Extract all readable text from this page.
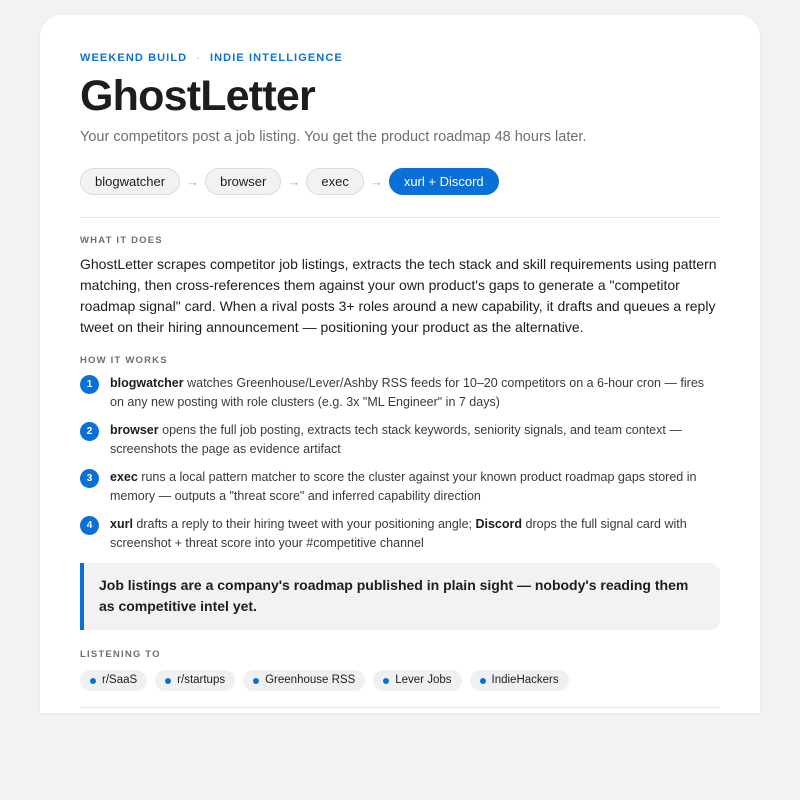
WEEKEND BUILD · INDIE INTELLIGENCE
GhostLetter
Your competitors post a job listing. You get the product roadmap 48 hours later.
blogwatcher	→	browser	→	exec	→	xurl + Discord
WHAT IT DOES
GhostLetter scrapes competitor job listings, extracts the tech stack and skill requirements using pattern matching, then cross-references them against your own product's gaps to generate a "competitor roadmap signal" card. When a rival posts 3+ roles around a new capability, it drafts and queues a reply tweet on their hiring announcement — positioning your product as the alternative.
HOW IT WORKS
1	blogwatcher watches Greenhouse/Lever/Ashby RSS feeds for 10–20 competitors on a 6-hour cron — fires on any new posting with role clusters (e.g. 3x "ML Engineer" in 7 days)
2	browser opens the full job posting, extracts tech stack keywords, seniority signals, and team context — screenshots the page as evidence artifact
3	exec runs a local pattern matcher to score the cluster against your known product roadmap gaps stored in memory — outputs a "threat score" and inferred capability direction
4	xurl drafts a reply to their hiring tweet with your positioning angle; Discord drops the full signal card with screenshot + threat score into your #competitive channel
Job listings are a company's roadmap published in plain sight — nobody's reading them as competitive intel yet.
LISTENING TO
r/SaaS	r/startups	Greenhouse RSS	Lever Jobs	IndieHackers
